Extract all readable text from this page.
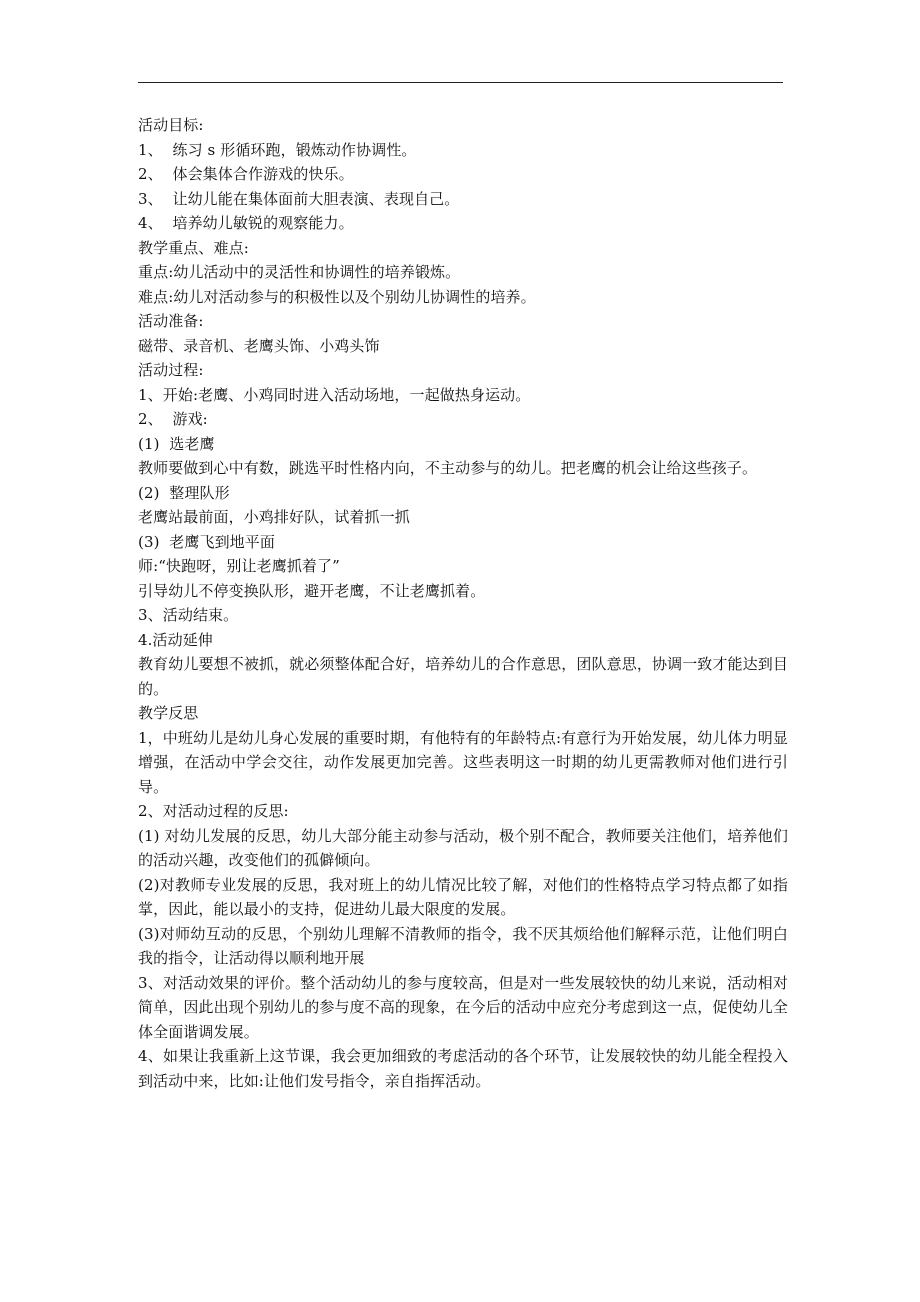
活动目标:

1、  练习 s 形循环跑，锻炼动作协调性。

2、  体会集体合作游戏的快乐。

3、  让幼儿能在集体面前大胆表演、表现自己。

4、  培养幼儿敏锐的观察能力。

教学重点、难点:

重点:幼儿活动中的灵活性和协调性的培养锻炼。

难点:幼儿对活动参与的积极性以及个别幼儿协调性的培养。

活动准备:

磁带、录音机、老鹰头饰、小鸡头饰

活动过程:

1、开始:老鹰、小鸡同时进入活动场地，一起做热身运动。

2、  游戏:

(1)  选老鹰

教师要做到心中有数，跳选平时性格内向，不主动参与的幼儿。把老鹰的机会让给这些孩子。

(2)  整理队形

老鹰站最前面，小鸡排好队，试着抓一抓

(3)  老鹰飞到地平面

师:“快跑呀，别让老鹰抓着了”

引导幼儿不停变换队形，避开老鹰，不让老鹰抓着。

3、活动结束。

4.活动延伸

教育幼儿要想不被抓，就必须整体配合好，培养幼儿的合作意思，团队意思，协调一致才能达到目的。

教学反思

1，中班幼儿是幼儿身心发展的重要时期，有他特有的年龄特点:有意行为开始发展，幼儿体力明显增强，在活动中学会交往，动作发展更加完善。这些表明这一时期的幼儿更需教师对他们进行引导。

2、对活动过程的反思:

(1) 对幼儿发展的反思，幼儿大部分能主动参与活动，极个别不配合，教师要关注他们，培养他们的活动兴趣，改变他们的孤僻倾向。

(2)对教师专业发展的反思，我对班上的幼儿情况比较了解，对他们的性格特点学习特点都了如指掌，因此，能以最小的支持，促进幼儿最大限度的发展。

(3)对师幼互动的反思，个别幼儿理解不清教师的指令，我不厌其烦给他们解释示范，让他们明白我的指令，让活动得以顺利地开展

3、对活动效果的评价。整个活动幼儿的参与度较高，但是对一些发展较快的幼儿来说，活动相对简单，因此出现个别幼儿的参与度不高的现象，在今后的活动中应充分考虑到这一点，促使幼儿全体全面谐调发展。

4、如果让我重新上这节课，我会更加细致的考虑活动的各个环节，让发展较快的幼儿能全程投入到活动中来，比如:让他们发号指令，亲自指挥活动。
